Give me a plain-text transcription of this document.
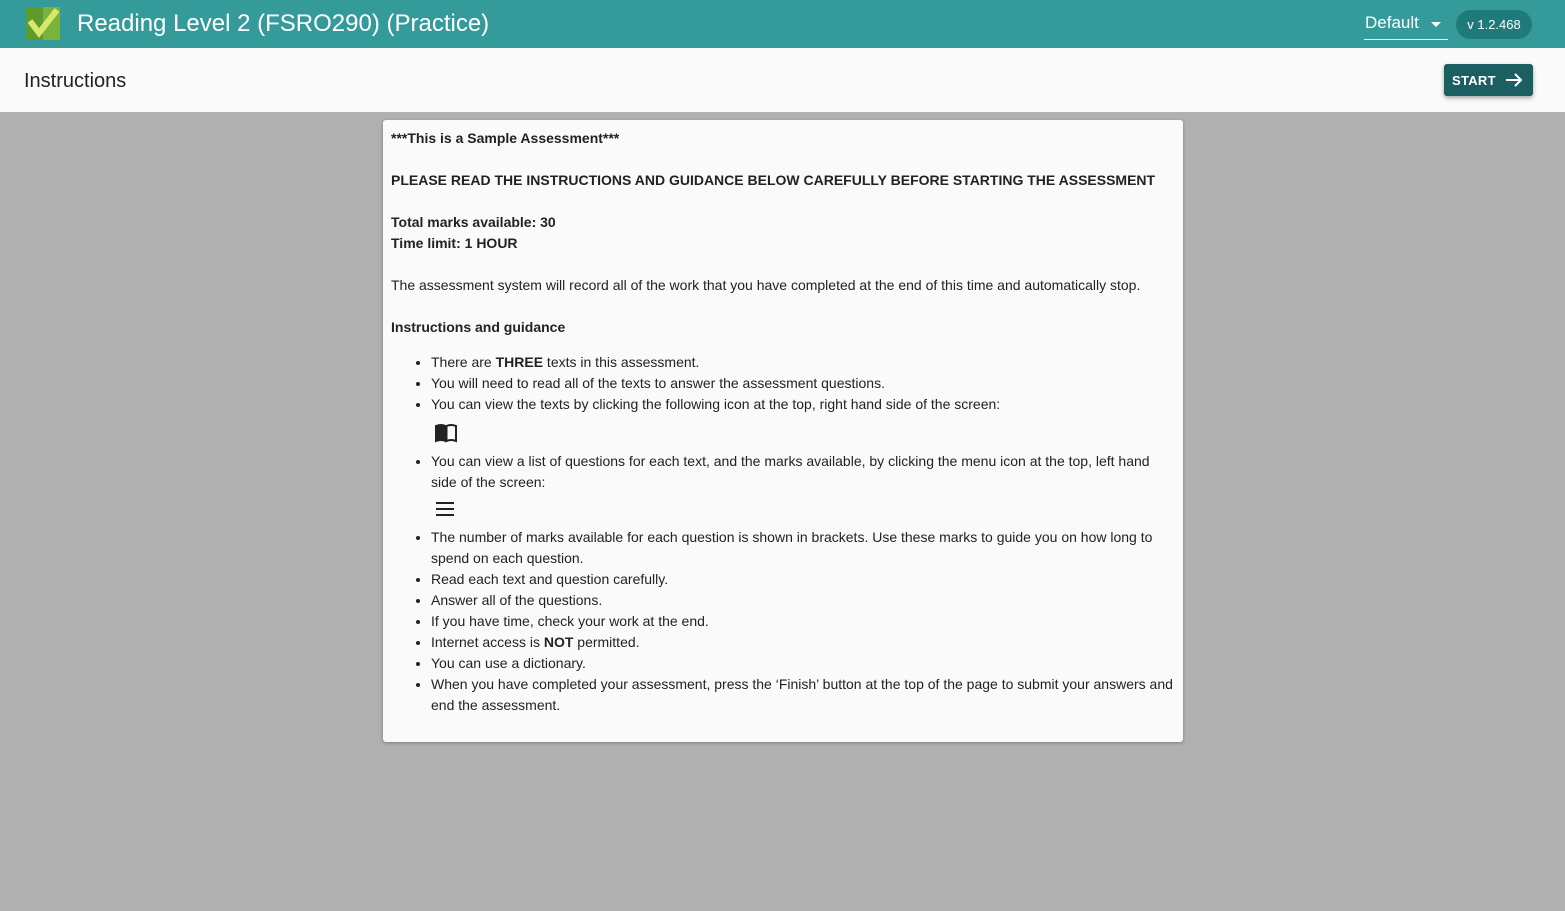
Reading Level 2 (FSRO290) (Practice)	Default	v 1.2.468
Instructions	START

***This is a Sample Assessment***

PLEASE READ THE INSTRUCTIONS AND GUIDANCE BELOW CAREFULLY BEFORE STARTING THE ASSESSMENT

Total marks available: 30

Time limit: 1 HOUR

The assessment system will record all of the work that you have completed at the end of this time and automatically stop.

Instructions and guidance

• There are THREE texts in this assessment.
• You will need to read all of the texts to answer the assessment questions.
• You can view the texts by clicking the following icon at the top, right hand side of the screen:
• You can view a list of questions for each text, and the marks available, by clicking the menu icon at the top, left hand side of the screen:
• The number of marks available for each question is shown in brackets. Use these marks to guide you on how long to spend on each question.
• Read each text and question carefully.
• Answer all of the questions.
• If you have time, check your work at the end.
• Internet access is NOT permitted.
• You can use a dictionary.
• When you have completed your assessment, press the ‘Finish’ button at the top of the page to submit your answers and end the assessment.
